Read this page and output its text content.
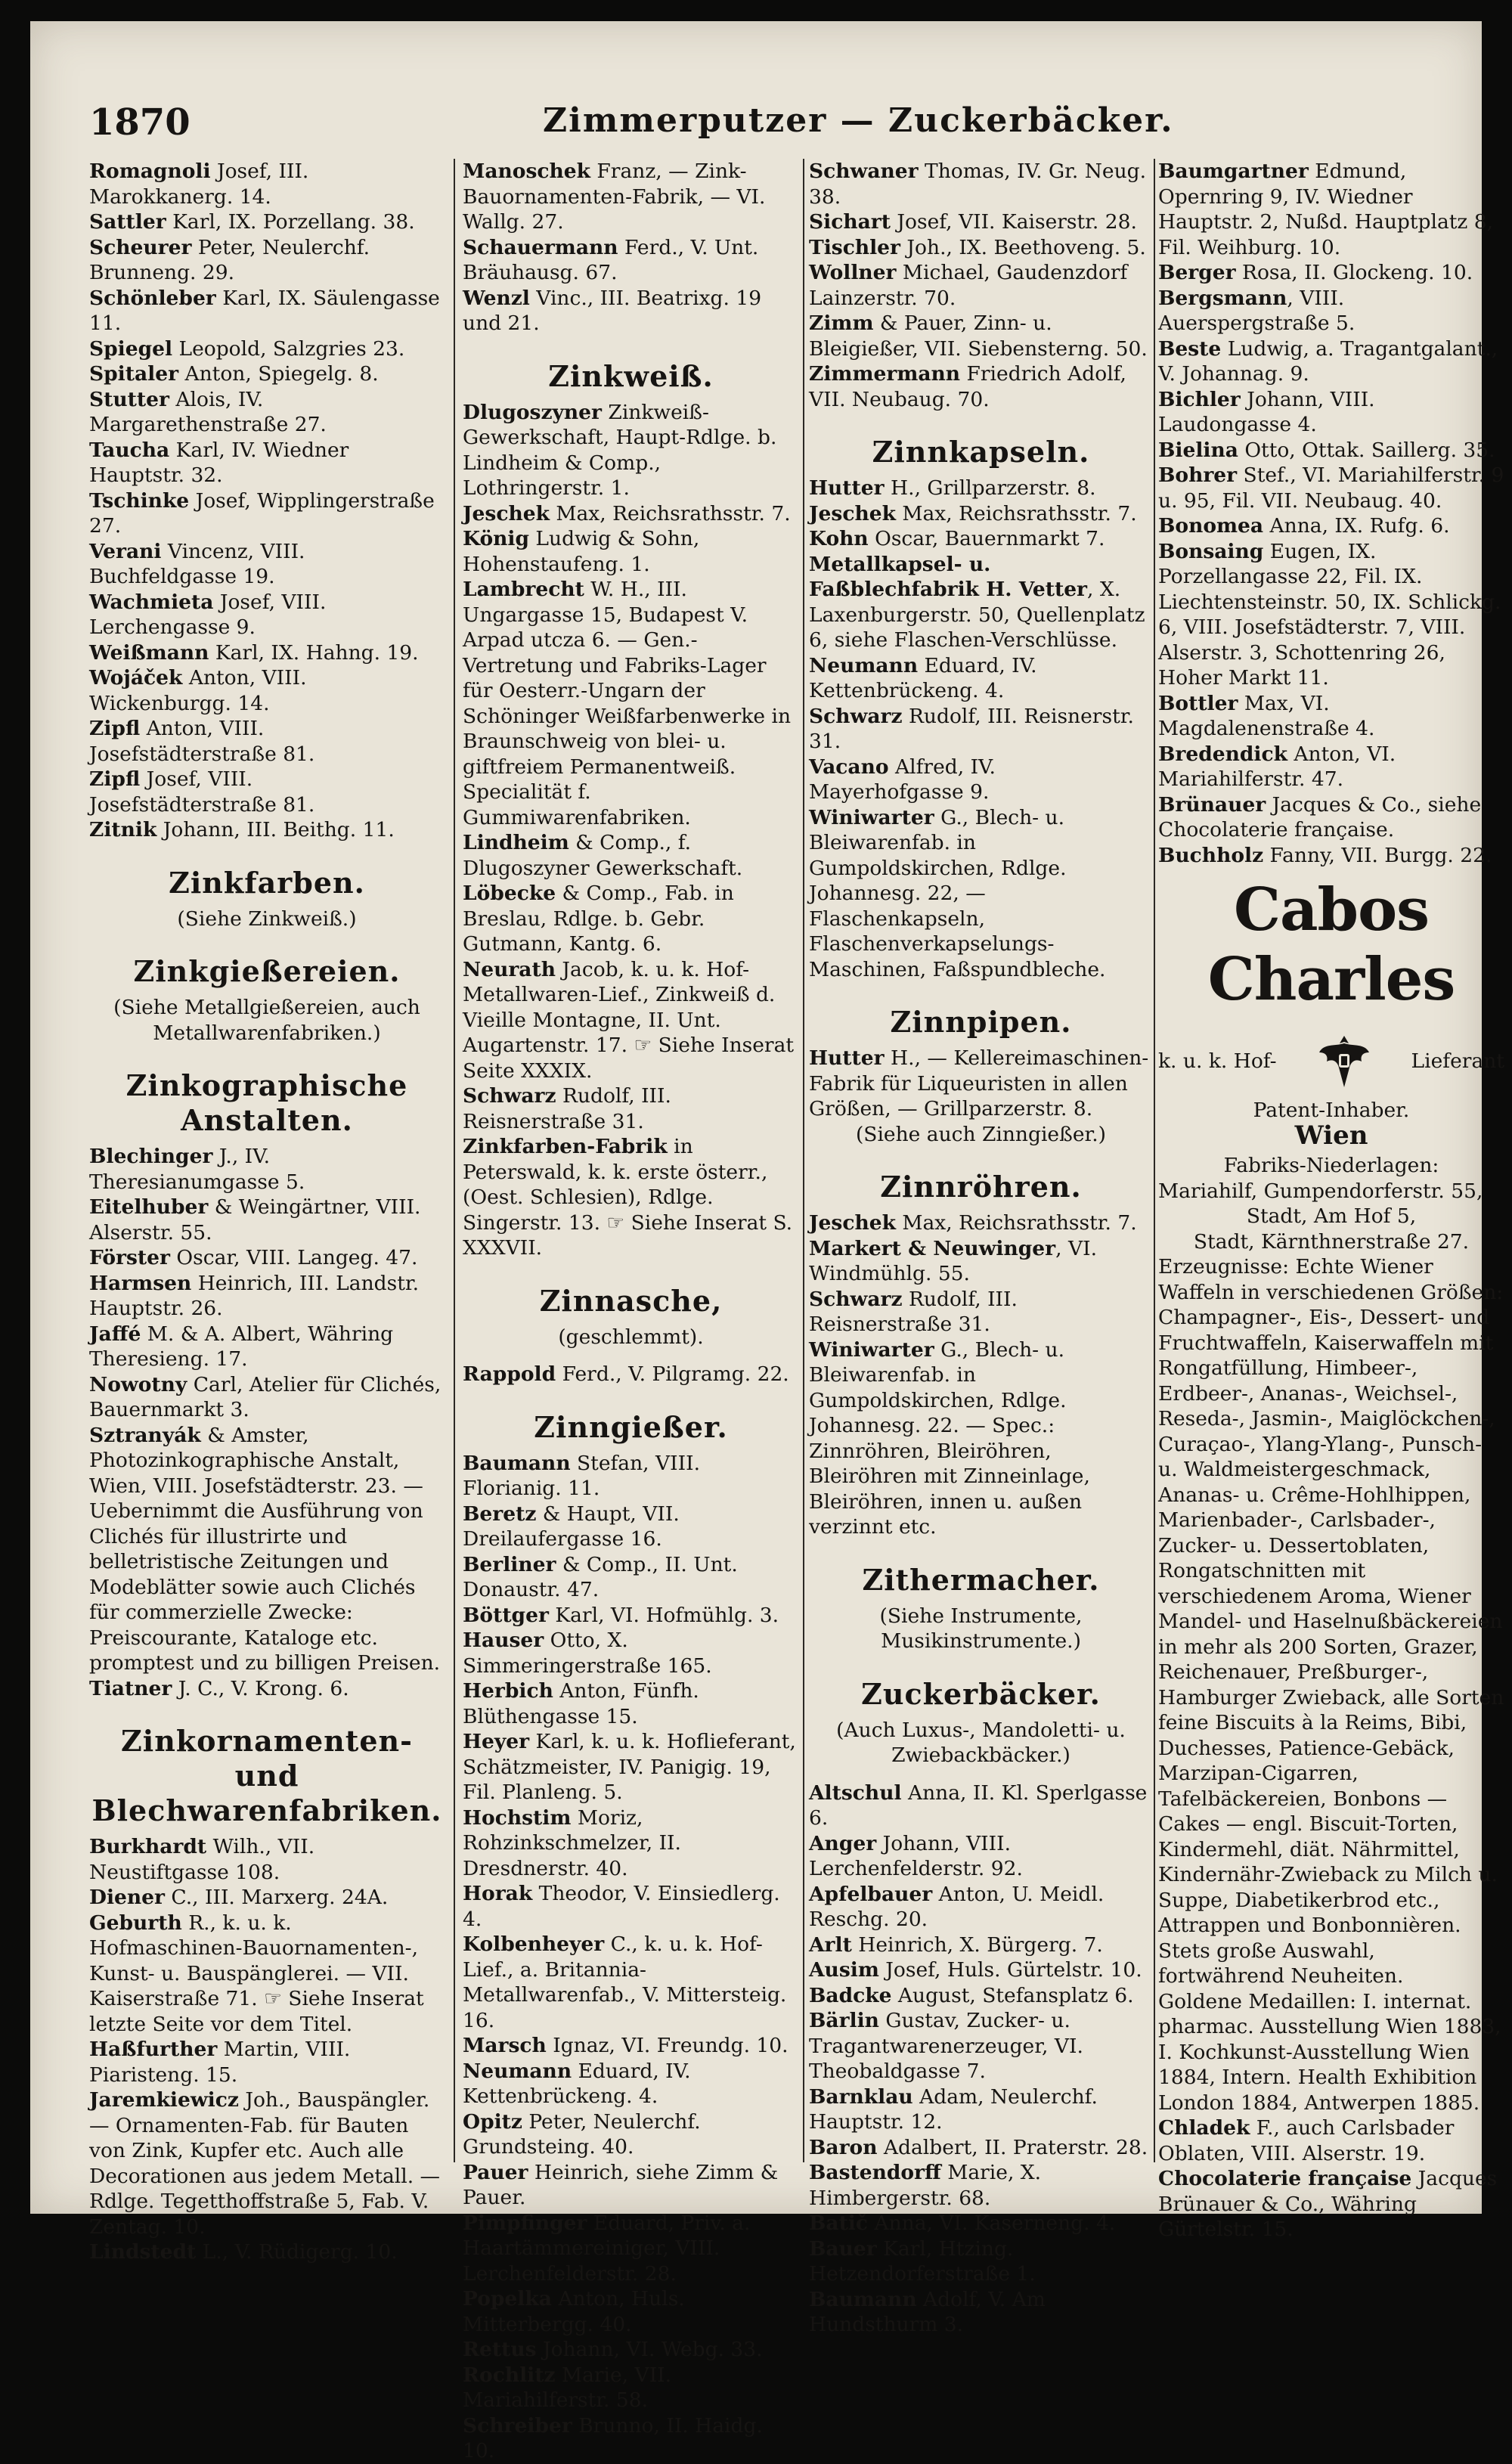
1870	Zimmerputzer — Zuckerbäcker.

Romagnoli Josef, III. Marokkanerg. 14.

Sattler Karl, IX. Porzellang. 38.

Scheurer Peter, Neulerchf. Brunneng. 29.

Schönleber Karl, IX. Säulengasse 11.

Spiegel Leopold, Salzgries 23.

Spitaler Anton, Spiegelg. 8.

Stutter Alois, IV. Margarethenstraße 27.

Taucha Karl, IV. Wiedner Hauptstr. 32.

Tschinke Josef, Wipplingerstraße 27.

Verani Vincenz, VIII. Buchfeldgasse 19.

Wachmieta Josef, VIII. Lerchengasse 9.

Weißmann Karl, IX. Hahng. 19.

Wojáček Anton, VIII. Wickenburgg. 14.

Zipfl Anton, VIII. Josefstädterstraße 81.

Zipfl Josef, VIII. Josefstädterstraße 81.

Zitnik Johann, III. Beithg. 11.

Zinkfarben.
(Siehe Zinkweiß.)
Zinkgießereien.
(Siehe Metallgießereien, auch Metallwarenfabriken.)
Zinkographische Anstalten.

Blechinger J., IV. Theresianumgasse 5.

Eitelhuber & Weingärtner, VIII. Alserstr. 55.

Förster Oscar, VIII. Langeg. 47.

Harmsen Heinrich, III. Landstr. Hauptstr. 26.

Jaffé M. & A. Albert, Währing Theresieng. 17.

Nowotny Carl, Atelier für Clichés, Bauernmarkt 3.

Sztranyák & Amster, Photozinkographische Anstalt, Wien, VIII. Josefstädterstr. 23. — Uebernimmt die Ausführung von Clichés für illustrirte und belletristische Zeitungen und Modeblätter sowie auch Clichés für commerzielle Zwecke: Preiscourante, Kataloge etc. promptest und zu billigen Preisen.

Tiatner J. C., V. Krong. 6.

Zinkornamenten- und Blechwarenfabriken.

Burkhardt Wilh., VII. Neustiftgasse 108.

Diener C., III. Marxerg. 24A.

Geburth R., k. u. k. Hofmaschinen-Bauornamenten-, Kunst- u. Bauspänglerei. — VII. Kaiserstraße 71. ☞ Siehe Inserat letzte Seite vor dem Titel.

Haßfurther Martin, VIII. Piaristeng. 15.

Jaremkiewicz Joh., Bauspängler. — Ornamenten-Fab. für Bauten von Zink, Kupfer etc. Auch alle Decorationen aus jedem Metall. — Rdlge. Tegetthoffstraße 5, Fab. V. Zentag. 10.

Lindstedt L., V. Rüdigerg. 10.

Manoschek Franz, — Zink-Bauornamenten-Fabrik, — VI. Wallg. 27.

Schauermann Ferd., V. Unt. Bräuhausg. 67.

Wenzl Vinc., III. Beatrixg. 19 und 21.

Zinkweiß.

Dlugoszyner Zinkweiß-Gewerkschaft, Haupt-Rdlge. b. Lindheim & Comp., Lothringerstr. 1.

Jeschek Max, Reichsrathsstr. 7.

König Ludwig & Sohn, Hohenstaufeng. 1.

Lambrecht W. H., III. Ungargasse 15, Budapest V. Arpad utcza 6. — Gen.-Vertretung und Fabriks-Lager für Oesterr.-Ungarn der Schöninger Weißfarbenwerke in Braunschweig von blei- u. giftfreiem Permanentweiß. Specialität f. Gummiwarenfabriken.

Lindheim & Comp., f. Dlugoszyner Gewerkschaft.

Löbecke & Comp., Fab. in Breslau, Rdlge. b. Gebr. Gutmann, Kantg. 6.

Neurath Jacob, k. u. k. Hof-Metallwaren-Lief., Zinkweiß d. Vieille Montagne, II. Unt. Augartenstr. 17. ☞ Siehe Inserat Seite XXXIX.

Schwarz Rudolf, III. Reisnerstraße 31.

Zinkfarben-Fabrik in Peterswald, k. k. erste österr., (Oest. Schlesien), Rdlge. Singerstr. 13. ☞ Siehe Inserat S. XXXVII.

Zinnasche,
(geschlemmt).

Rappold Ferd., V. Pilgramg. 22.

Zinngießer.

Baumann Stefan, VIII. Florianig. 11.

Beretz & Haupt, VII. Dreilaufergasse 16.

Berliner & Comp., II. Unt. Donaustr. 47.

Böttger Karl, VI. Hofmühlg. 3.

Hauser Otto, X. Simmeringerstraße 165.

Herbich Anton, Fünfh. Blüthengasse 15.

Heyer Karl, k. u. k. Hoflieferant, Schätzmeister, IV. Panigig. 19, Fil. Planleng. 5.

Hochstim Moriz, Rohzinkschmelzer, II. Dresdnerstr. 40.

Horak Theodor, V. Einsiedlerg. 4.

Kolbenheyer C., k. u. k. Hof-Lief., a. Britannia-Metallwarenfab., V. Mittersteig. 16.

Marsch Ignaz, VI. Freundg. 10.

Neumann Eduard, IV. Kettenbrückeng. 4.

Opitz Peter, Neulerchf. Grundsteing. 40.

Pauer Heinrich, siehe Zimm & Pauer.

Pimpfinger Eduard, Priv. a. Haartämmereiniger, VIII. Lerchenfelderstr. 28.

Popelka Anton, Huls. Mitterbergg. 40.

Rettus Johann, VI. Webg. 33.

Rochlitz Marie, VII. Mariahilferstr. 58.

Schreiber Brunno, II. Haidg. 10.

Schwaner Thomas, IV. Gr. Neug. 38.

Sichart Josef, VII. Kaiserstr. 28.

Tischler Joh., IX. Beethoveng. 5.

Wollner Michael, Gaudenzdorf Lainzerstr. 70.

Zimm & Pauer, Zinn- u. Bleigießer, VII. Siebensterng. 50.

Zimmermann Friedrich Adolf, VII. Neubaug. 70.

Zinnkapseln.

Hutter H., Grillparzerstr. 8.

Jeschek Max, Reichsrathsstr. 7.

Kohn Oscar, Bauernmarkt 7.

Metallkapsel- u. Faßblechfabrik H. Vetter, X. Laxenburgerstr. 50, Quellenplatz 6, siehe Flaschen-Verschlüsse.

Neumann Eduard, IV. Kettenbrückeng. 4.

Schwarz Rudolf, III. Reisnerstr. 31.

Vacano Alfred, IV. Mayerhofgasse 9.

Winiwarter G., Blech- u. Bleiwarenfab. in Gumpoldskirchen, Rdlge. Johannesg. 22, — Flaschenkapseln, Flaschenverkapselungs-Maschinen, Faßspundbleche.

Zinnpipen.

Hutter H., — Kellereimaschinen-Fabrik für Liqueuristen in allen Größen, — Grillparzerstr. 8.

(Siehe auch Zinngießer.)
Zinnröhren.

Jeschek Max, Reichsrathsstr. 7.

Markert & Neuwinger, VI. Windmühlg. 55.

Schwarz Rudolf, III. Reisnerstraße 31.

Winiwarter G., Blech- u. Bleiwarenfab. in Gumpoldskirchen, Rdlge. Johannesg. 22. — Spec.: Zinnröhren, Bleiröhren, Bleiröhren mit Zinneinlage, Bleiröhren, innen u. außen verzinnt etc.

Zithermacher.
(Siehe Instrumente, Musikinstrumente.)
Zuckerbäcker.
(Auch Luxus-, Mandoletti- u. Zwiebackbäcker.)

Altschul Anna, II. Kl. Sperlgasse 6.

Anger Johann, VIII. Lerchenfelderstr. 92.

Apfelbauer Anton, U. Meidl. Reschg. 20.

Arlt Heinrich, X. Bürgerg. 7.

Ausim Josef, Huls. Gürtelstr. 10.

Badcke August, Stefansplatz 6.

Bärlin Gustav, Zucker- u. Tragantwarenerzeuger, VI. Theobaldgasse 7.

Barnklau Adam, Neulerchf. Hauptstr. 12.

Baron Adalbert, II. Praterstr. 28.

Bastendorff Marie, X. Himbergerstr. 68.

Batič Anna, VI. Kaserneng. 4.

Bauer Karl, Htzing. Hetzendorferstraße 1.

Baumann Adolf, V. Am Hundsthurm 3.

Baumgartner Edmund, Opernring 9, IV. Wiedner Hauptstr. 2, Nußd. Hauptplatz 8, Fil. Weihburg. 10.

Berger Rosa, II. Glockeng. 10.

Bergsmann, VIII. Auerspergstraße 5.

Beste Ludwig, a. Tragantgalant., V. Johannag. 9.

Bichler Johann, VIII. Laudongasse 4.

Bielina Otto, Ottak. Saillerg. 35.

Bohrer Stef., VI. Mariahilferstr. 9 u. 95, Fil. VII. Neubaug. 40.

Bonomea Anna, IX. Rufg. 6.

Bonsaing Eugen, IX. Porzellangasse 22, Fil. IX. Liechtensteinstr. 50, IX. Schlickg. 6, VIII. Josefstädterstr. 7, VIII. Alserstr. 3, Schottenring 26, Hoher Markt 11.

Bottler Max, VI. Magdalenenstraße 4.

Bredendick Anton, VI. Mariahilferstr. 47.

Brünauer Jacques & Co., siehe Chocolaterie française.

Buchholz Fanny, VII. Burgg. 22.

Cabos Charles
k. u. k. Hof-	Lieferant
Patent-Inhaber.
Wien
Fabriks-Niederlagen:
Mariahilf, Gumpendorferstr. 55,
Stadt, Am Hof 5,
Stadt, Kärnthnerstraße 27.
Erzeugnisse: Echte Wiener Waffeln in verschiedenen Größen: Champagner-, Eis-, Dessert- und Fruchtwaffeln, Kaiserwaffeln mit Rongatfüllung, Himbeer-, Erdbeer-, Ananas-, Weichsel-, Reseda-, Jasmin-, Maiglöckchen-, Curaçao-, Ylang-Ylang-, Punsch- u. Waldmeistergeschmack, Ananas- u. Crême-Hohlhippen, Marienbader-, Carlsbader-, Zucker- u. Dessertoblaten, Rongatschnitten mit verschiedenem Aroma, Wiener Mandel- und Haselnußbäckereien in mehr als 200 Sorten, Grazer, Reichenauer, Preßburger-, Hamburger Zwieback, alle Sorten feine Biscuits à la Reims, Bibi, Duchesses, Patience-Gebäck, Marzipan-Cigarren, Tafelbäckereien, Bonbons — Cakes — engl. Biscuit-Torten, Kindermehl, diät. Nährmittel, Kindernähr-Zwieback zu Milch u. Suppe, Diabetikerbrod etc., Attrappen und Bonbonnièren. Stets große Auswahl, fortwährend Neuheiten.
Goldene Medaillen: I. internat. pharmac. Ausstellung Wien 1883, I. Kochkunst-Ausstellung Wien 1884, Intern. Health Exhibition London 1884, Antwerpen 1885.

Chladek F., auch Carlsbader Oblaten, VIII. Alserstr. 19.

Chocolaterie française Jacques Brünauer & Co., Währing Gürtelstr. 15.
